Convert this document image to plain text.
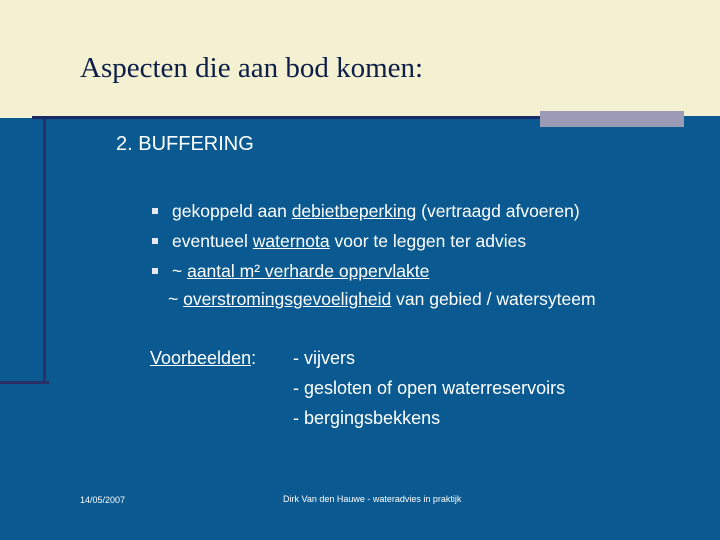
Aspecten die aan bod komen:
2. BUFFERING
gekoppeld aan debietbeperking (vertraagd afvoeren)
eventueel waternota voor te leggen ter advies
~ aantal m² verharde oppervlakte
~ overstromingsgevoeligheid van gebied / watersyteem
Voorbeelden: - vijvers
- gesloten of open waterreservoirs
- bergingsbekkens
14/05/2007	Dirk Van den Hauwe - wateradvies in praktijk
